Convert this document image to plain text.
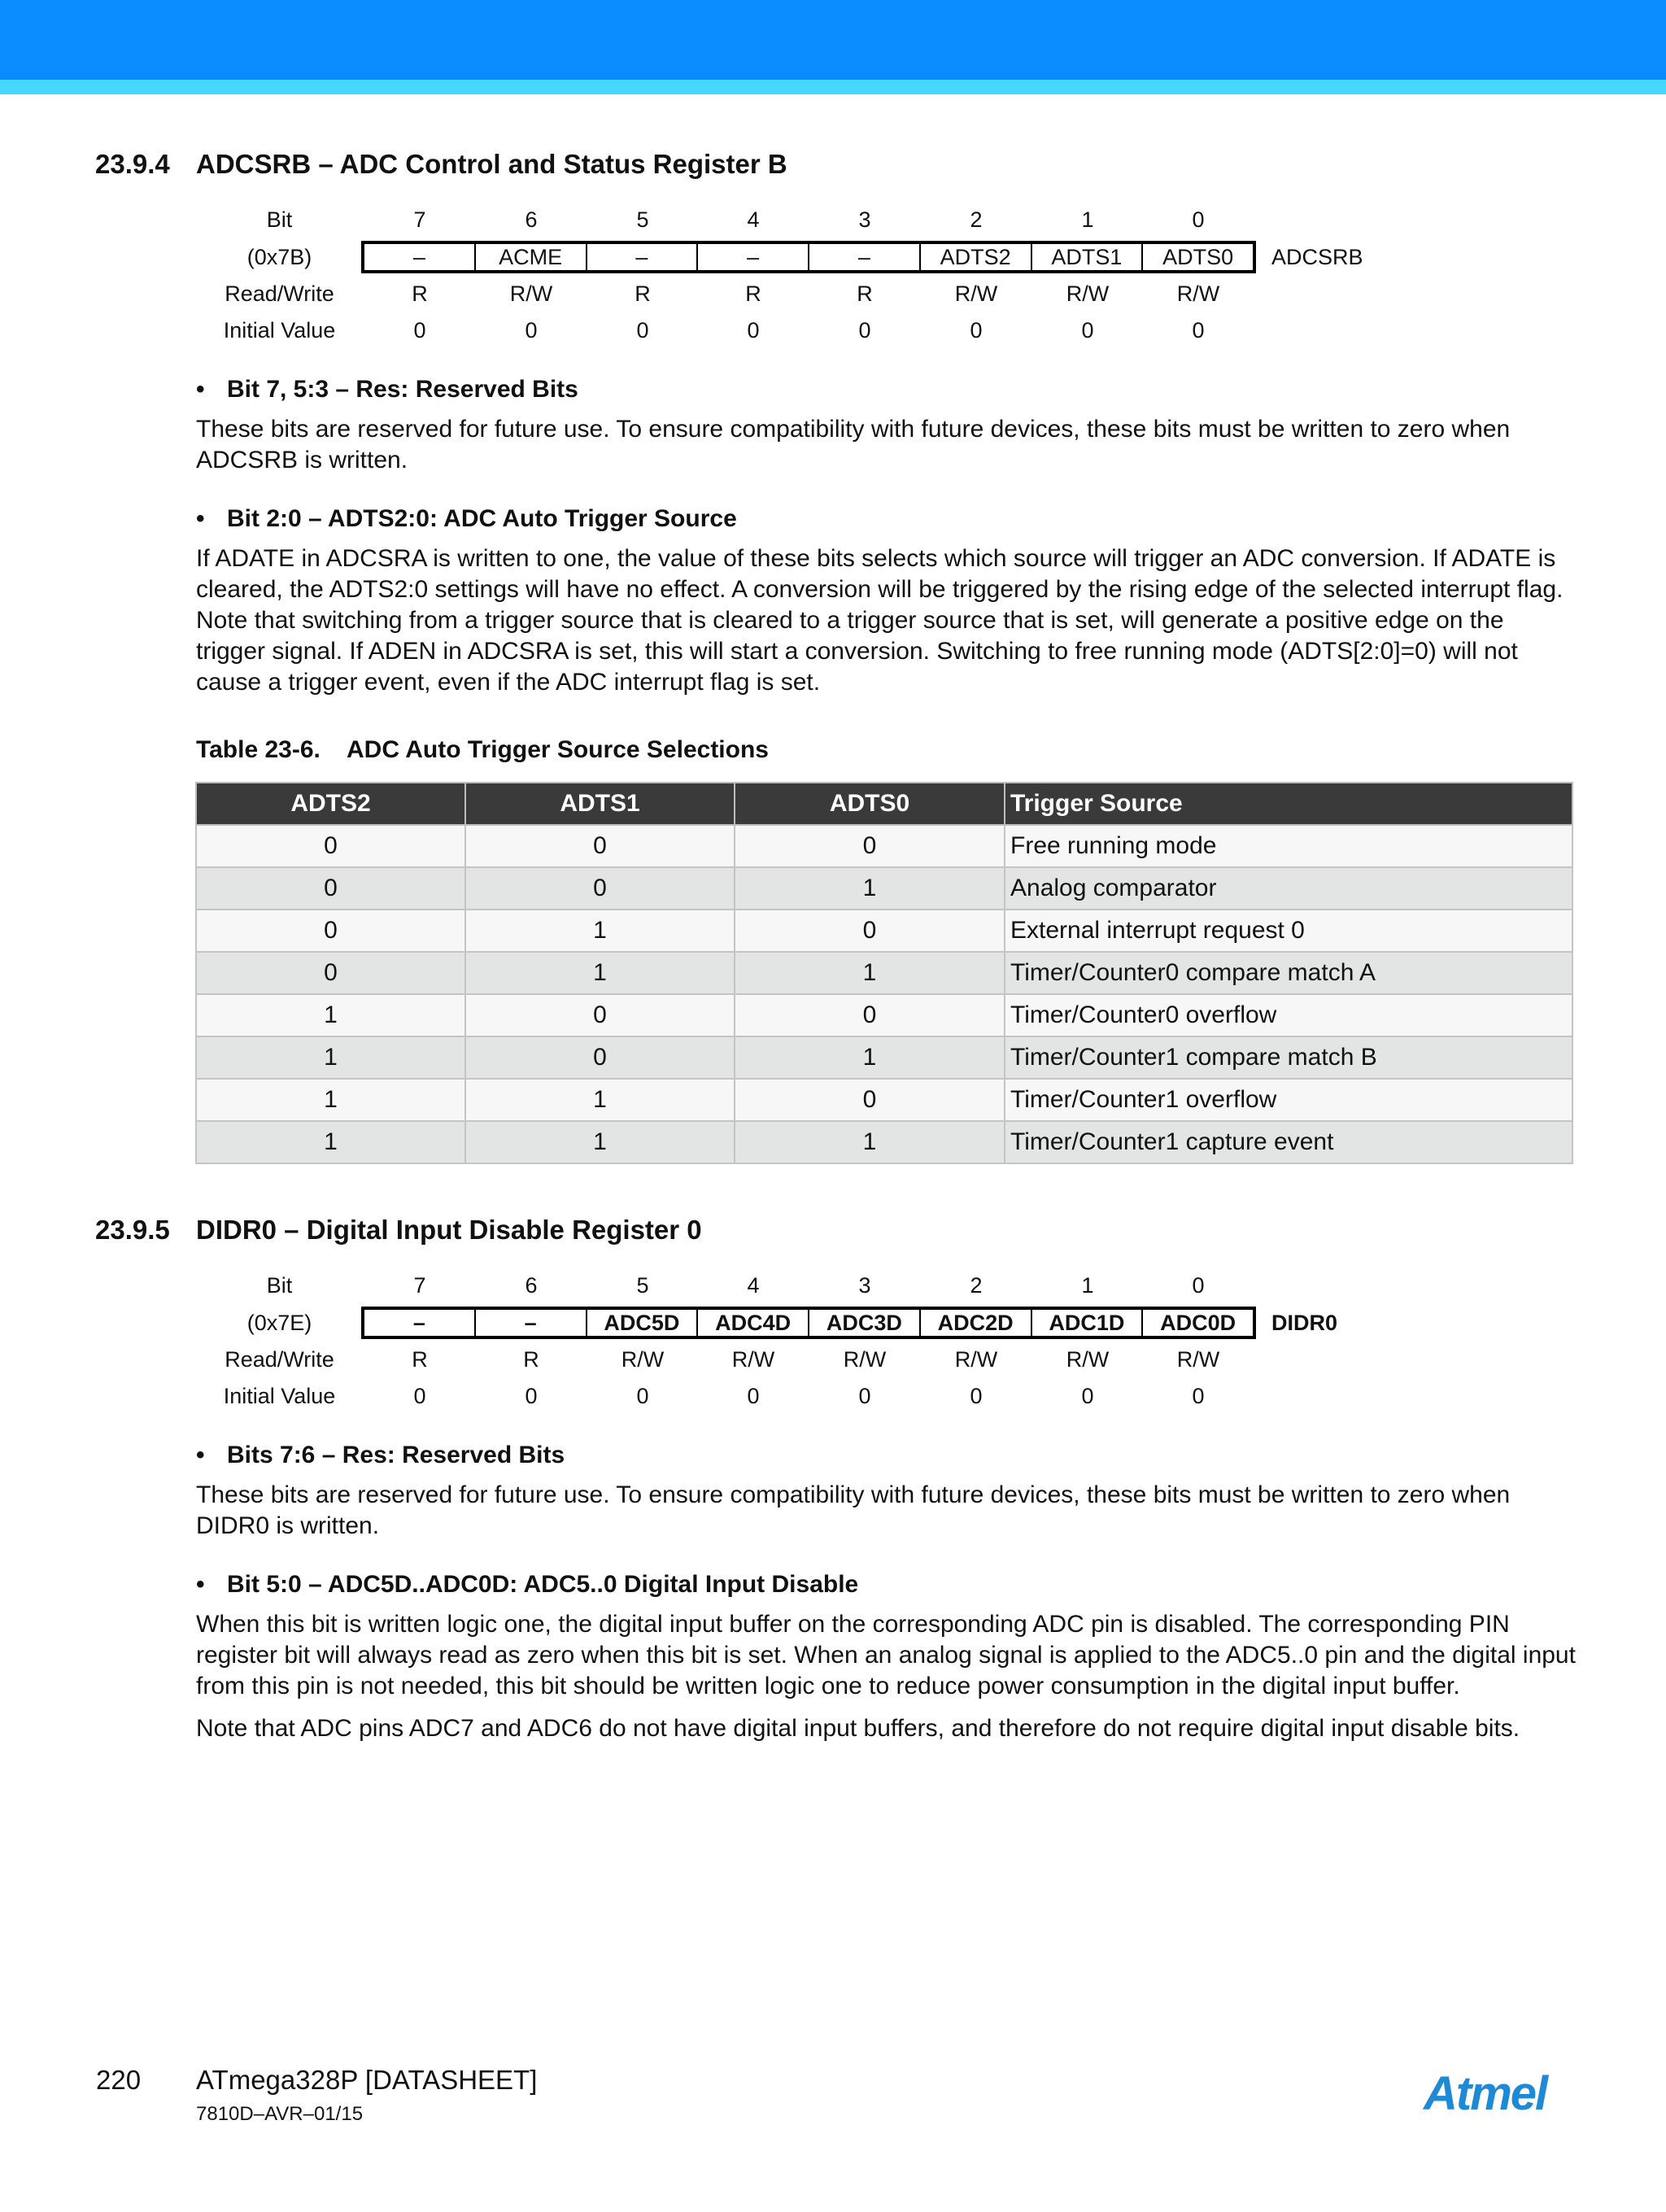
23.9.4 ADCSRB – ADC Control and Status Register B
Bit	7	6	5	4	3	2	1	0
(0x7B)	–	ACME	–	–	–	ADTS2	ADTS1	ADTS0	ADCSRB
Read/Write	R	R/W	R	R	R	R/W	R/W	R/W
Initial Value	0	0	0	0	0	0	0	0
• Bit 7, 5:3 – Res: Reserved Bits

These bits are reserved for future use. To ensure compatibility with future devices, these bits must be written to zero when ADCSRB is written.

• Bit 2:0 – ADTS2:0: ADC Auto Trigger Source

If ADATE in ADCSRA is written to one, the value of these bits selects which source will trigger an ADC conversion. If ADATE is cleared, the ADTS2:0 settings will have no effect. A conversion will be triggered by the rising edge of the selected interrupt flag. Note that switching from a trigger source that is cleared to a trigger source that is set, will generate a positive edge on the trigger signal. If ADEN in ADCSRA is set, this will start a conversion. Switching to free running mode (ADTS[2:0]=0) will not cause a trigger event, even if the ADC interrupt flag is set.

Table 23-6. ADC Auto Trigger Source Selections
ADTS2	ADTS1	ADTS0	Trigger Source
0	0	0	Free running mode
0	0	1	Analog comparator
0	1	0	External interrupt request 0
0	1	1	Timer/Counter0 compare match A
1	0	0	Timer/Counter0 overflow
1	0	1	Timer/Counter1 compare match B
1	1	0	Timer/Counter1 overflow
1	1	1	Timer/Counter1 capture event
23.9.5 DIDR0 – Digital Input Disable Register 0
Bit	7	6	5	4	3	2	1	0
(0x7E)	–	–	ADC5D	ADC4D	ADC3D	ADC2D	ADC1D	ADC0D	DIDR0
Read/Write	R	R	R/W	R/W	R/W	R/W	R/W	R/W
Initial Value	0	0	0	0	0	0	0	0
• Bits 7:6 – Res: Reserved Bits

These bits are reserved for future use. To ensure compatibility with future devices, these bits must be written to zero when DIDR0 is written.

• Bit 5:0 – ADC5D..ADC0D: ADC5..0 Digital Input Disable

When this bit is written logic one, the digital input buffer on the corresponding ADC pin is disabled. The corresponding PIN register bit will always read as zero when this bit is set. When an analog signal is applied to the ADC5..0 pin and the digital input from this pin is not needed, this bit should be written logic one to reduce power consumption in the digital input buffer.

Note that ADC pins ADC7 and ADC6 do not have digital input buffers, and therefore do not require digital input disable bits.

220 ATmega328P [DATASHEET]
7810D–AVR–01/15	Atmel
